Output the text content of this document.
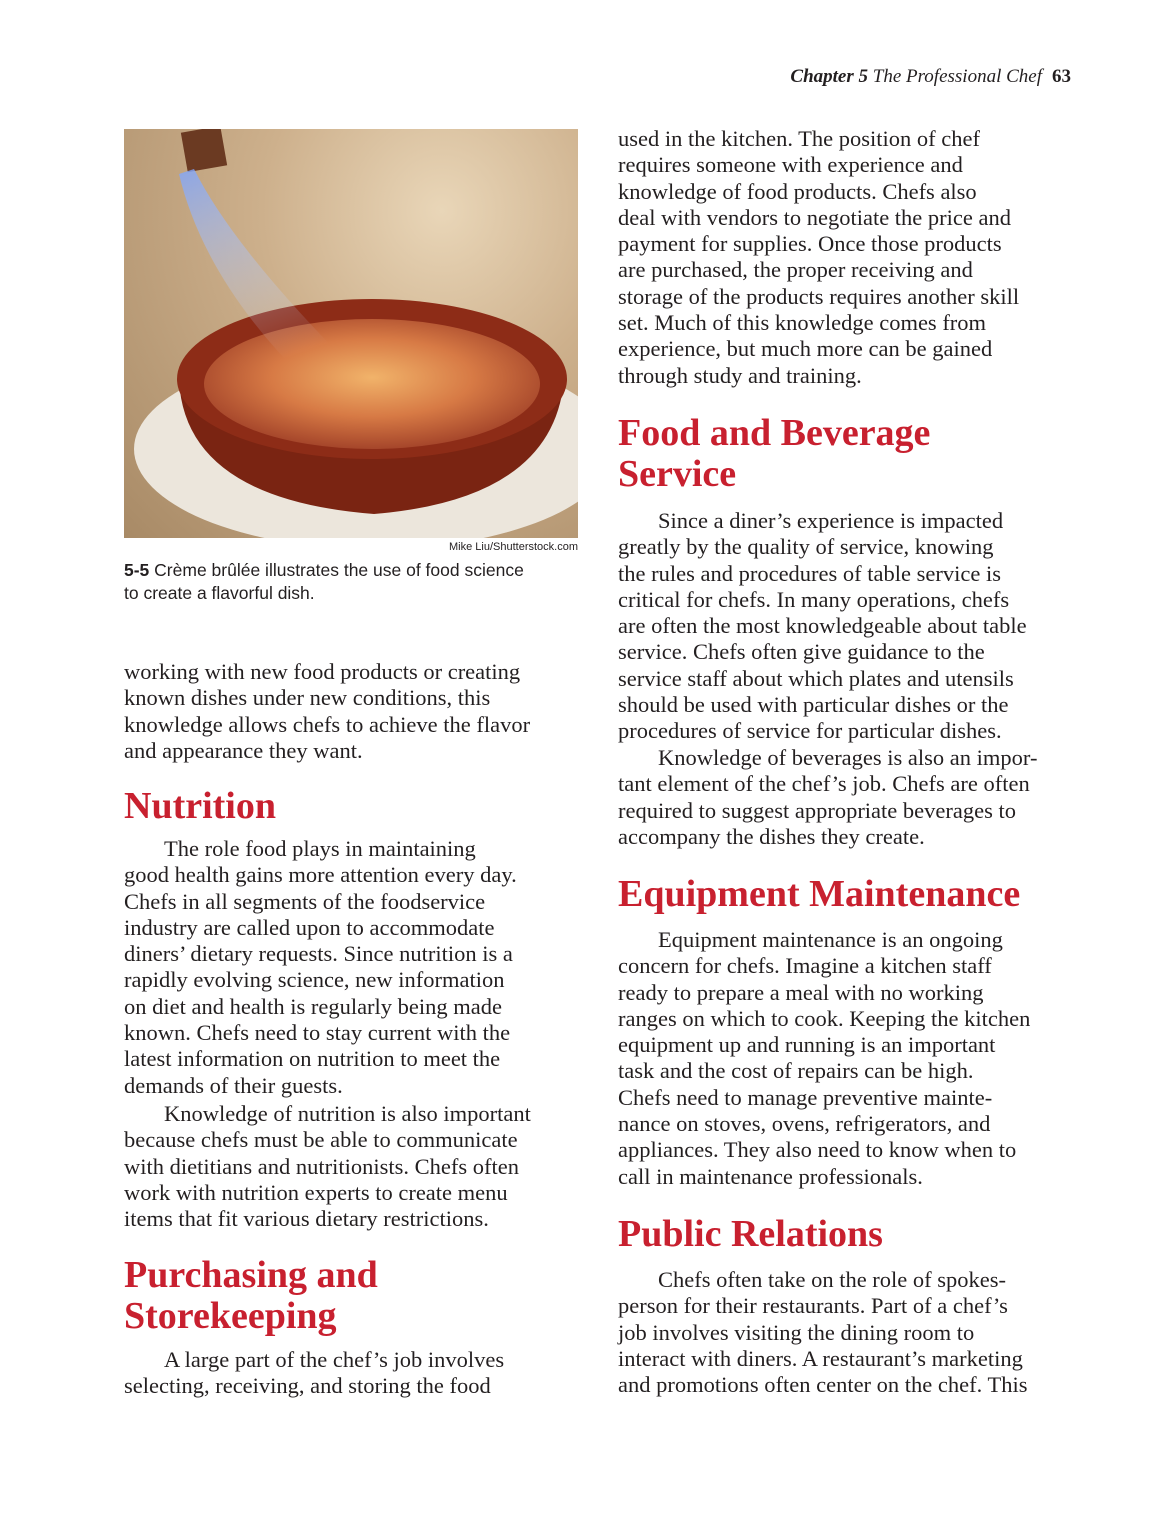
Chapter 5 The Professional Chef 63
Mike Liu/Shutterstock.com
5-5 Crème brûlée illustrates the use of food science
to create a flavorful dish.
working with new food products or creating
known dishes under new conditions, this
knowledge allows chefs to achieve the flavor
and appearance they want.
Nutrition
The role food plays in maintaining
good health gains more attention every day.
Chefs in all segments of the foodservice
industry are called upon to accommodate
diners’ dietary requests. Since nutrition is a
rapidly evolving science, new information
on diet and health is regularly being made
known. Chefs need to stay current with the
latest information on nutrition to meet the
demands of their guests.
Knowledge of nutrition is also important
because chefs must be able to communicate
with dietitians and nutritionists. Chefs often
work with nutrition experts to create menu
items that fit various dietary restrictions.
Purchasing and
Storekeeping
A large part of the chef’s job involves
selecting, receiving, and storing the food
used in the kitchen. The position of chef
requires someone with experience and
knowledge of food products. Chefs also
deal with vendors to negotiate the price and
payment for supplies. Once those products
are purchased, the proper receiving and
storage of the products requires another skill
set. Much of this knowledge comes from
experience, but much more can be gained
through study and training.
Food and Beverage
Service
Since a diner’s experience is impacted
greatly by the quality of service, knowing
the rules and procedures of table service is
critical for chefs. In many operations, chefs
are often the most knowledgeable about table
service. Chefs often give guidance to the
service staff about which plates and utensils
should be used with particular dishes or the
procedures of service for particular dishes.
Knowledge of beverages is also an impor-
tant element of the chef’s job. Chefs are often
required to suggest appropriate beverages to
accompany the dishes they create.
Equipment Maintenance
Equipment maintenance is an ongoing
concern for chefs. Imagine a kitchen staff
ready to prepare a meal with no working
ranges on which to cook. Keeping the kitchen
equipment up and running is an important
task and the cost of repairs can be high.
Chefs need to manage preventive mainte-
nance on stoves, ovens, refrigerators, and
appliances. They also need to know when to
call in maintenance professionals.
Public Relations
Chefs often take on the role of spokes-
person for their restaurants. Part of a chef’s
job involves visiting the dining room to
interact with diners. A restaurant’s marketing
and promotions often center on the chef. This
